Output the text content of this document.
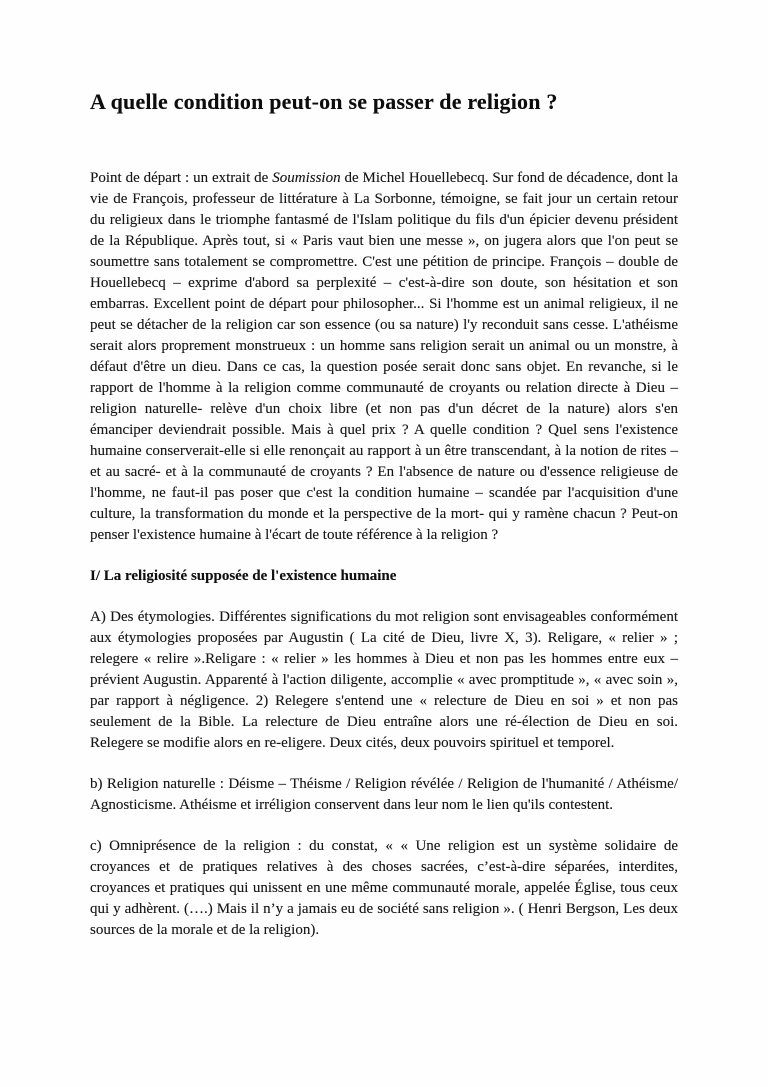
A quelle condition peut-on se passer de religion ?

Point de départ : un extrait de Soumission de Michel Houellebecq. Sur fond de décadence, dont la vie de François, professeur de littérature à La Sorbonne, témoigne, se fait jour un certain retour du religieux dans le triomphe fantasmé de l'Islam politique du fils d'un épicier devenu président de la République. Après tout, si « Paris vaut bien une messe », on jugera alors que l'on peut se soumettre sans totalement se compromettre. C'est une pétition de principe. François – double de Houellebecq – exprime d'abord sa perplexité – c'est-à-dire son doute, son hésitation et son embarras. Excellent point de départ pour philosopher... Si l'homme est un animal religieux, il ne peut se détacher de la religion car son essence (ou sa nature) l'y reconduit sans cesse. L'athéisme serait alors proprement monstrueux : un homme sans religion serait un animal ou un monstre, à défaut d'être un dieu. Dans ce cas, la question posée serait donc sans objet. En revanche, si le rapport de l'homme à la religion comme communauté de croyants ou relation directe à Dieu – religion naturelle- relève d'un choix libre (et non pas d'un décret de la nature) alors s'en émanciper deviendrait possible. Mais à quel prix ? A quelle condition ? Quel sens l'existence humaine conserverait-elle si elle renonçait au rapport à un être transcendant, à la notion de rites – et au sacré- et à la communauté de croyants ? En l'absence de nature ou d'essence religieuse de l'homme, ne faut-il pas poser que c'est la condition humaine – scandée par l'acquisition d'une culture, la transformation du monde et la perspective de la mort- qui y ramène chacun ? Peut-on penser l'existence humaine à l'écart de toute référence à la religion ?

I/ La religiosité supposée de l'existence humaine

A) Des étymologies. Différentes significations du mot religion sont envisageables conformément aux étymologies proposées par Augustin ( La cité de Dieu, livre X, 3). Religare, « relier » ; relegere « relire ».Religare : « relier » les hommes à Dieu et non pas les hommes entre eux – prévient Augustin. Apparenté à l'action diligente, accomplie « avec promptitude », « avec soin », par rapport à négligence. 2) Relegere s'entend une « relecture de Dieu en soi » et non pas seulement de la Bible. La relecture de Dieu entraîne alors une ré-élection de Dieu en soi. Relegere se modifie alors en re-eligere. Deux cités, deux pouvoirs spirituel et temporel.

b) Religion naturelle : Déisme – Théisme / Religion révélée / Religion de l'humanité / Athéisme/ Agnosticisme. Athéisme et irréligion conservent dans leur nom le lien qu'ils contestent.

c) Omniprésence de la religion : du constat, « « Une religion est un système solidaire de croyances et de pratiques relatives à des choses sacrées, c’est-à-dire séparées, interdites, croyances et pratiques qui unissent en une même communauté morale, appelée Église, tous ceux qui y adhèrent. (….) Mais il n’y a jamais eu de société sans religion ». ( Henri Bergson, Les deux sources de la morale et de la religion).
